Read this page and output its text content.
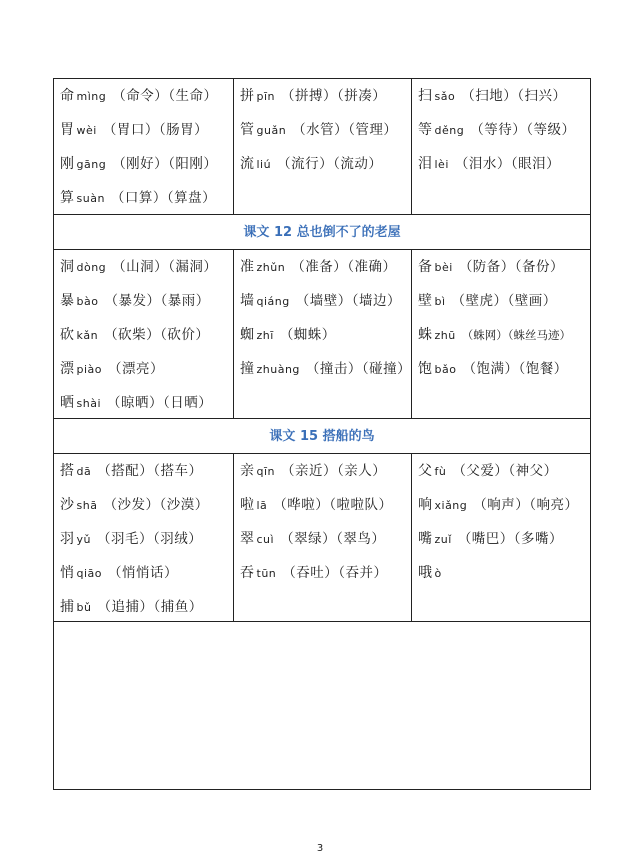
命 mìng （命令）（生命）
胃 wèi （胃口）（肠胃）
刚 gāng （刚好）（阳刚）
算 suàn （口算）（算盘）
拼 pīn （拼搏）（拼凑）
管 guǎn （水管）（管理）
流 liú （流行）（流动）
扫 sǎo （扫地）（扫兴）
等 děng （等待）（等级）
泪 lèi （泪水）（眼泪）
课文 12 总也倒不了的老屋
洞 dòng （山洞）（漏洞）
暴 bào （暴发）（暴雨）
砍 kǎn （砍柴）（砍价）
漂 piào （漂亮）
晒 shài （晾晒）（日晒）
准 zhǔn （准备）（准确）
墙 qiáng （墙壁）（墙边）
蜘 zhī （蜘蛛）
撞 zhuàng （撞击）（碰撞）
备 bèi （防备）（备份）
壁 bì （壁虎）（壁画）
蛛 zhū （蛛网）（蛛丝马迹）
饱 bǎo （饱满）（饱餐）
课文 15 搭船的鸟
搭 dā （搭配）（搭车）
沙 shā （沙发）（沙漠）
羽 yǔ （羽毛）（羽绒）
悄 qiāo （悄悄话）
捕 bǔ （追捕）（捕鱼）
亲 qīn （亲近）（亲人）
啦 lā （哗啦）（啦啦队）
翠 cuì （翠绿）（翠鸟）
吞 tūn （吞吐）（吞并）
父 fù （父爱）（神父）
响 xiǎng （响声）（响亮）
嘴 zuǐ （嘴巴）（多嘴）
哦 ò
3
